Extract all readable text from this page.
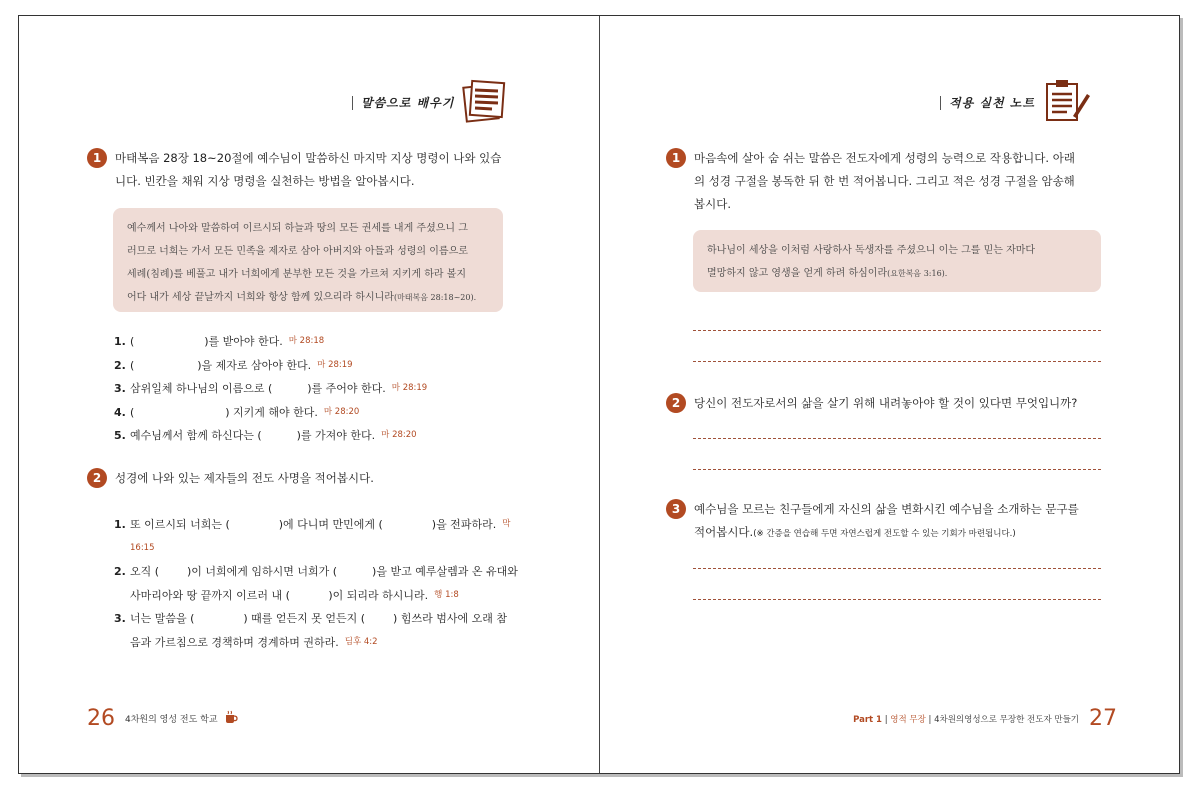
말씀으로 배우기
1	마태복음 28장 18~20절에 예수님이 말씀하신 마지막 지상 명령이 나와 있습
니다. 빈칸을 채워 지상 명령을 실천하는 방법을 알아봅시다.
예수께서 나아와 말씀하여 이르시되 하늘과 땅의 모든 권세를 내게 주셨으니 그
러므로 너희는 가서 모든 민족을 제자로 삼아 아버지와 아들과 성령의 이름으로
세례(침례)를 베풀고 내가 너희에게 분부한 모든 것을 가르쳐 지키게 하라 볼지
어다 내가 세상 끝날까지 너희와 항상 함께 있으리라 하시니라(마태복음 28:18~20).
1. (                    )를 받아야 한다. 마 28:18
2. (                  )을 제자로 삼아야 한다. 마 28:19
3. 삼위일체 하나님의 이름으로 (          )를 주어야 한다. 마 28:19
4. (                          ) 지키게 해야 한다. 마 28:20
5. 예수님께서 함께 하신다는 (          )를 가져야 한다. 마 28:20
2	성경에 나와 있는 제자들의 전도 사명을 적어봅시다.
1. 또 이르시되 너희는 (              )에 다니며 만민에게 (              )을 전파하라. 막
16:15
2. 오직 (        )이 너희에게 임하시면 너희가 (          )을 받고 예루살렘과 온 유대와
사마리아와 땅 끝까지 이르러 내 (           )이 되리라 하시니라. 행 1:8
3. 너는 말씀을 (              ) 때를 얻든지 못 얻든지 (        ) 힘쓰라 범사에 오래 참
음과 가르침으로 경책하며 경계하며 권하라. 딤후 4:2
26 4차원의 영성 전도 학교
적용 실천 노트
1	마음속에 살아 숨 쉬는 말씀은 전도자에게 성령의 능력으로 작용합니다. 아래
의 성경 구절을 봉독한 뒤 한 번 적어봅니다. 그리고 적은 성경 구절을 암송해
봅시다.
하나님이 세상을 이처럼 사랑하사 독생자를 주셨으니 이는 그를 믿는 자마다
멸망하지 않고 영생을 얻게 하려 하심이라(요한복음 3:16).
2	당신이 전도자로서의 삶을 살기 위해 내려놓아야 할 것이 있다면 무엇입니까?
3	예수님을 모르는 친구들에게 자신의 삶을 변화시킨 예수님을 소개하는 문구를
적어봅시다.(※ 간증을 연습해 두면 자연스럽게 전도할 수 있는 기회가 마련됩니다.)
Part 1 | 영적 무장 | 4차원의영성으로 무장한 전도자 만들기 27
